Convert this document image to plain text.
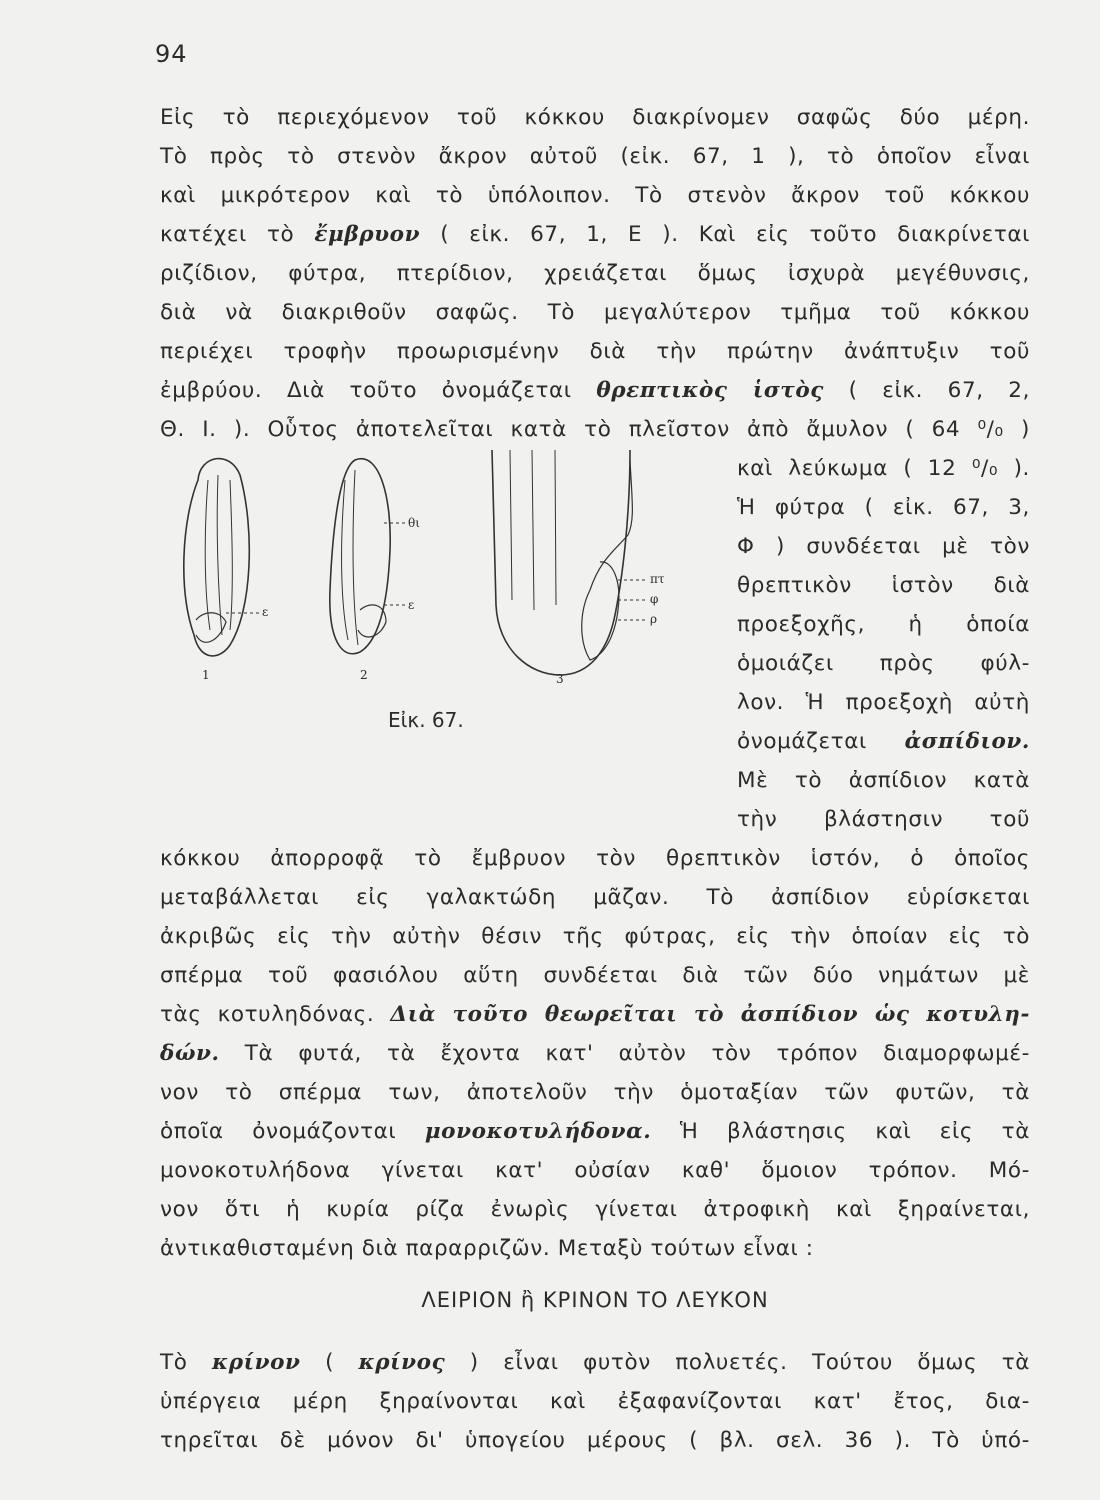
94
Εἰς τὸ περιεχόμενον τοῦ κόκκου διακρίνομεν σαφῶς δύο μέρη.
Τὸ πρὸς τὸ στενὸν ἄκρον αὐτοῦ (εἰκ. 67, 1 ), τὸ ὁποῖον εἶναι
καὶ μικρότερον καὶ τὸ ὑπόλοιπον. Τὸ στενὸν ἄκρον τοῦ κόκκου
κατέχει τὸ ἔμβρυον ( εἰκ. 67, 1, Ε ). Καὶ εἰς τοῦτο διακρίνεται
ριζίδιον, φύτρα, πτερίδιον, χρειάζεται ὅμως ἰσχυρὰ μεγέθυνσις,
διὰ νὰ διακριθοῦν σαφῶς. Τὸ μεγαλύτερον τμῆμα τοῦ κόκκου
περιέχει τροφὴν προωρισμένην διὰ τὴν πρώτην ἀνάπτυξιν τοῦ
ἐμβρύου. Διὰ τοῦτο ὀνομάζεται θρεπτικὸς ἱστὸς ( εἰκ. 67, 2,
Θ. Ι. ). Οὗτος ἀποτελεῖται κατὰ τὸ πλεῖστον ἀπὸ ἄμυλον ( 64 ⁰/₀ )
καὶ λεύκωμα ( 12 ⁰/₀ ).
Ἡ φύτρα ( εἰκ. 67, 3,
Φ ) συνδέεται μὲ τὸν
θρεπτικὸν ἱστὸν διὰ
προεξοχῆς, ἡ ὁποία
ὁμοιάζει πρὸς φύλ-
λον. Ἡ προεξοχὴ αὐτὴ
ὀνομάζεται ἀσπίδιον.
Μὲ τὸ ἀσπίδιον κατὰ
τὴν βλάστησιν τοῦ
ε
θι
ε
πτ
φ
ρ
1	2	3
Εἰκ. 67.
κόκκου ἀπορροφᾷ τὸ ἔμβρυον τὸν θρεπτικὸν ἱστόν, ὁ ὁποῖος
μεταβάλλεται εἰς γαλακτώδη μᾶζαν. Τὸ ἀσπίδιον εὑρίσκεται
ἀκριβῶς εἰς τὴν αὐτὴν θέσιν τῆς φύτρας, εἰς τὴν ὁποίαν εἰς τὸ
σπέρμα τοῦ φασιόλου αὕτη συνδέεται διὰ τῶν δύο νημάτων μὲ
τὰς κοτυληδόνας. Διὰ τοῦτο θεωρεῖται τὸ ἀσπίδιον ὡς κοτυλη-
δών. Τὰ φυτά, τὰ ἔχοντα κατ' αὐτὸν τὸν τρόπον διαμορφωμέ-
νον τὸ σπέρμα των, ἀποτελοῦν τὴν ὁμοταξίαν τῶν φυτῶν, τὰ
ὁποῖα ὀνομάζονται μονοκοτυλήδονα. Ἡ βλάστησις καὶ εἰς τὰ
μονοκοτυλήδονα γίνεται κατ' οὐσίαν καθ' ὅμοιον τρόπον. Μό-
νον ὅτι ἡ κυρία ρίζα ἐνωρὶς γίνεται ἀτροφικὴ καὶ ξηραίνεται,
ἀντικαθισταμένη διὰ παραρριζῶν. Μεταξὺ τούτων εἶναι :
ΛΕΙΡΙΟΝ ἢ ΚΡΙΝΟΝ ΤΟ ΛΕΥΚΟΝ
Τὸ κρίνον ( κρίνος ) εἶναι φυτὸν πολυετές. Τούτου ὅμως τὰ
ὑπέργεια μέρη ξηραίνονται καὶ ἐξαφανίζονται κατ' ἔτος, δια-
τηρεῖται δὲ μόνον δι' ὑπογείου μέρους ( βλ. σελ. 36 ). Τὸ ὑπό-
